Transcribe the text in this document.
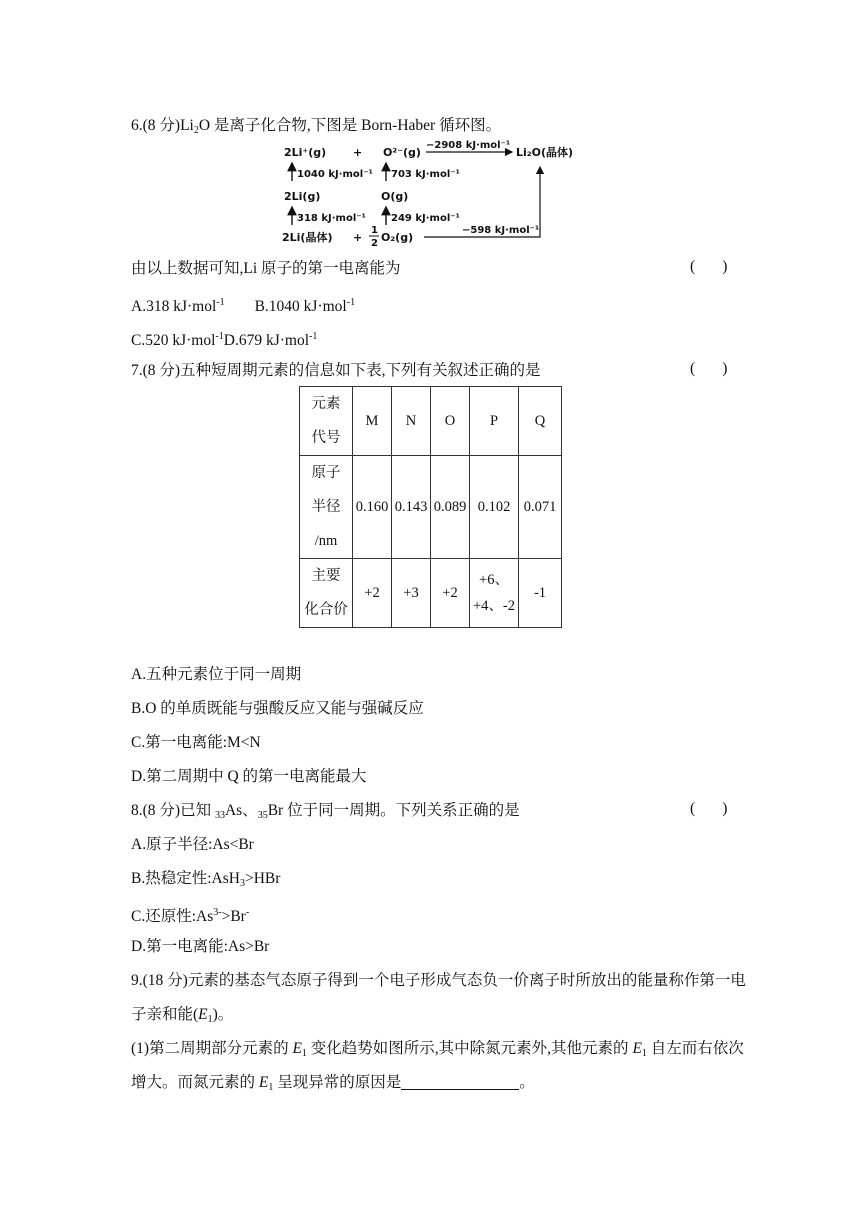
6.(8 分)$Li_2O$ 是离子化合物,下图是 Born-Haber 循环图。
2Li⁺(g) + O²⁻(g)
−2908 kJ·mol⁻¹
Li₂O(晶体)
1040 kJ·mol⁻¹ 703 kJ·mol⁻¹
2Li(g)	O(g)
318 kJ·mol⁻¹	249 kJ·mol⁻¹
2Li(晶体) +
1
2 O₂(g)
−598 kJ·mol⁻¹
由以上数据可知,Li 原子的第一电离能为	(       )
A.318 kJ·mol$^{-1}$ B.1040 kJ·mol$^{-1}$
C.520 kJ·mol$^{-1}$D.679 kJ·mol$^{-1}$
7.(8 分)五种短周期元素的信息如下表,下列有关叙述正确的是	(       )
元素
代号	M	N	O	P	Q

原子
半径
/nm	0.160	0.143	0.089	0.102	0.071

主要
化合价	+2	+3	+2	+6、
+4、-2	-1
A.五种元素位于同一周期
B.O 的单质既能与强酸反应又能与强碱反应
C.第一电离能:M<N
D.第二周期中 Q 的第一电离能最大
8.(8 分)已知 $_{33}$As、$_{35}$Br 位于同一周期。下列关系正确的是	(       )
A.原子半径:As<Br
B.热稳定性:AsH$_3$>HBr
C.还原性$:As^{3-}>Br^-$
D.第一电离能:As>Br
9.(18 分)元素的基态气态原子得到一个电子形成气态负一价离子时所放出的能量称作第一电
子亲和能$(E_1)$。
(1)第二周期部分元素的 $E_1$ 变化趋势如图所示,其中除氮元素外,其他元素的 $E_1$ 自左而右依次
增大。而氮元素的 $E_1$ 呈现异常的原因是	。
